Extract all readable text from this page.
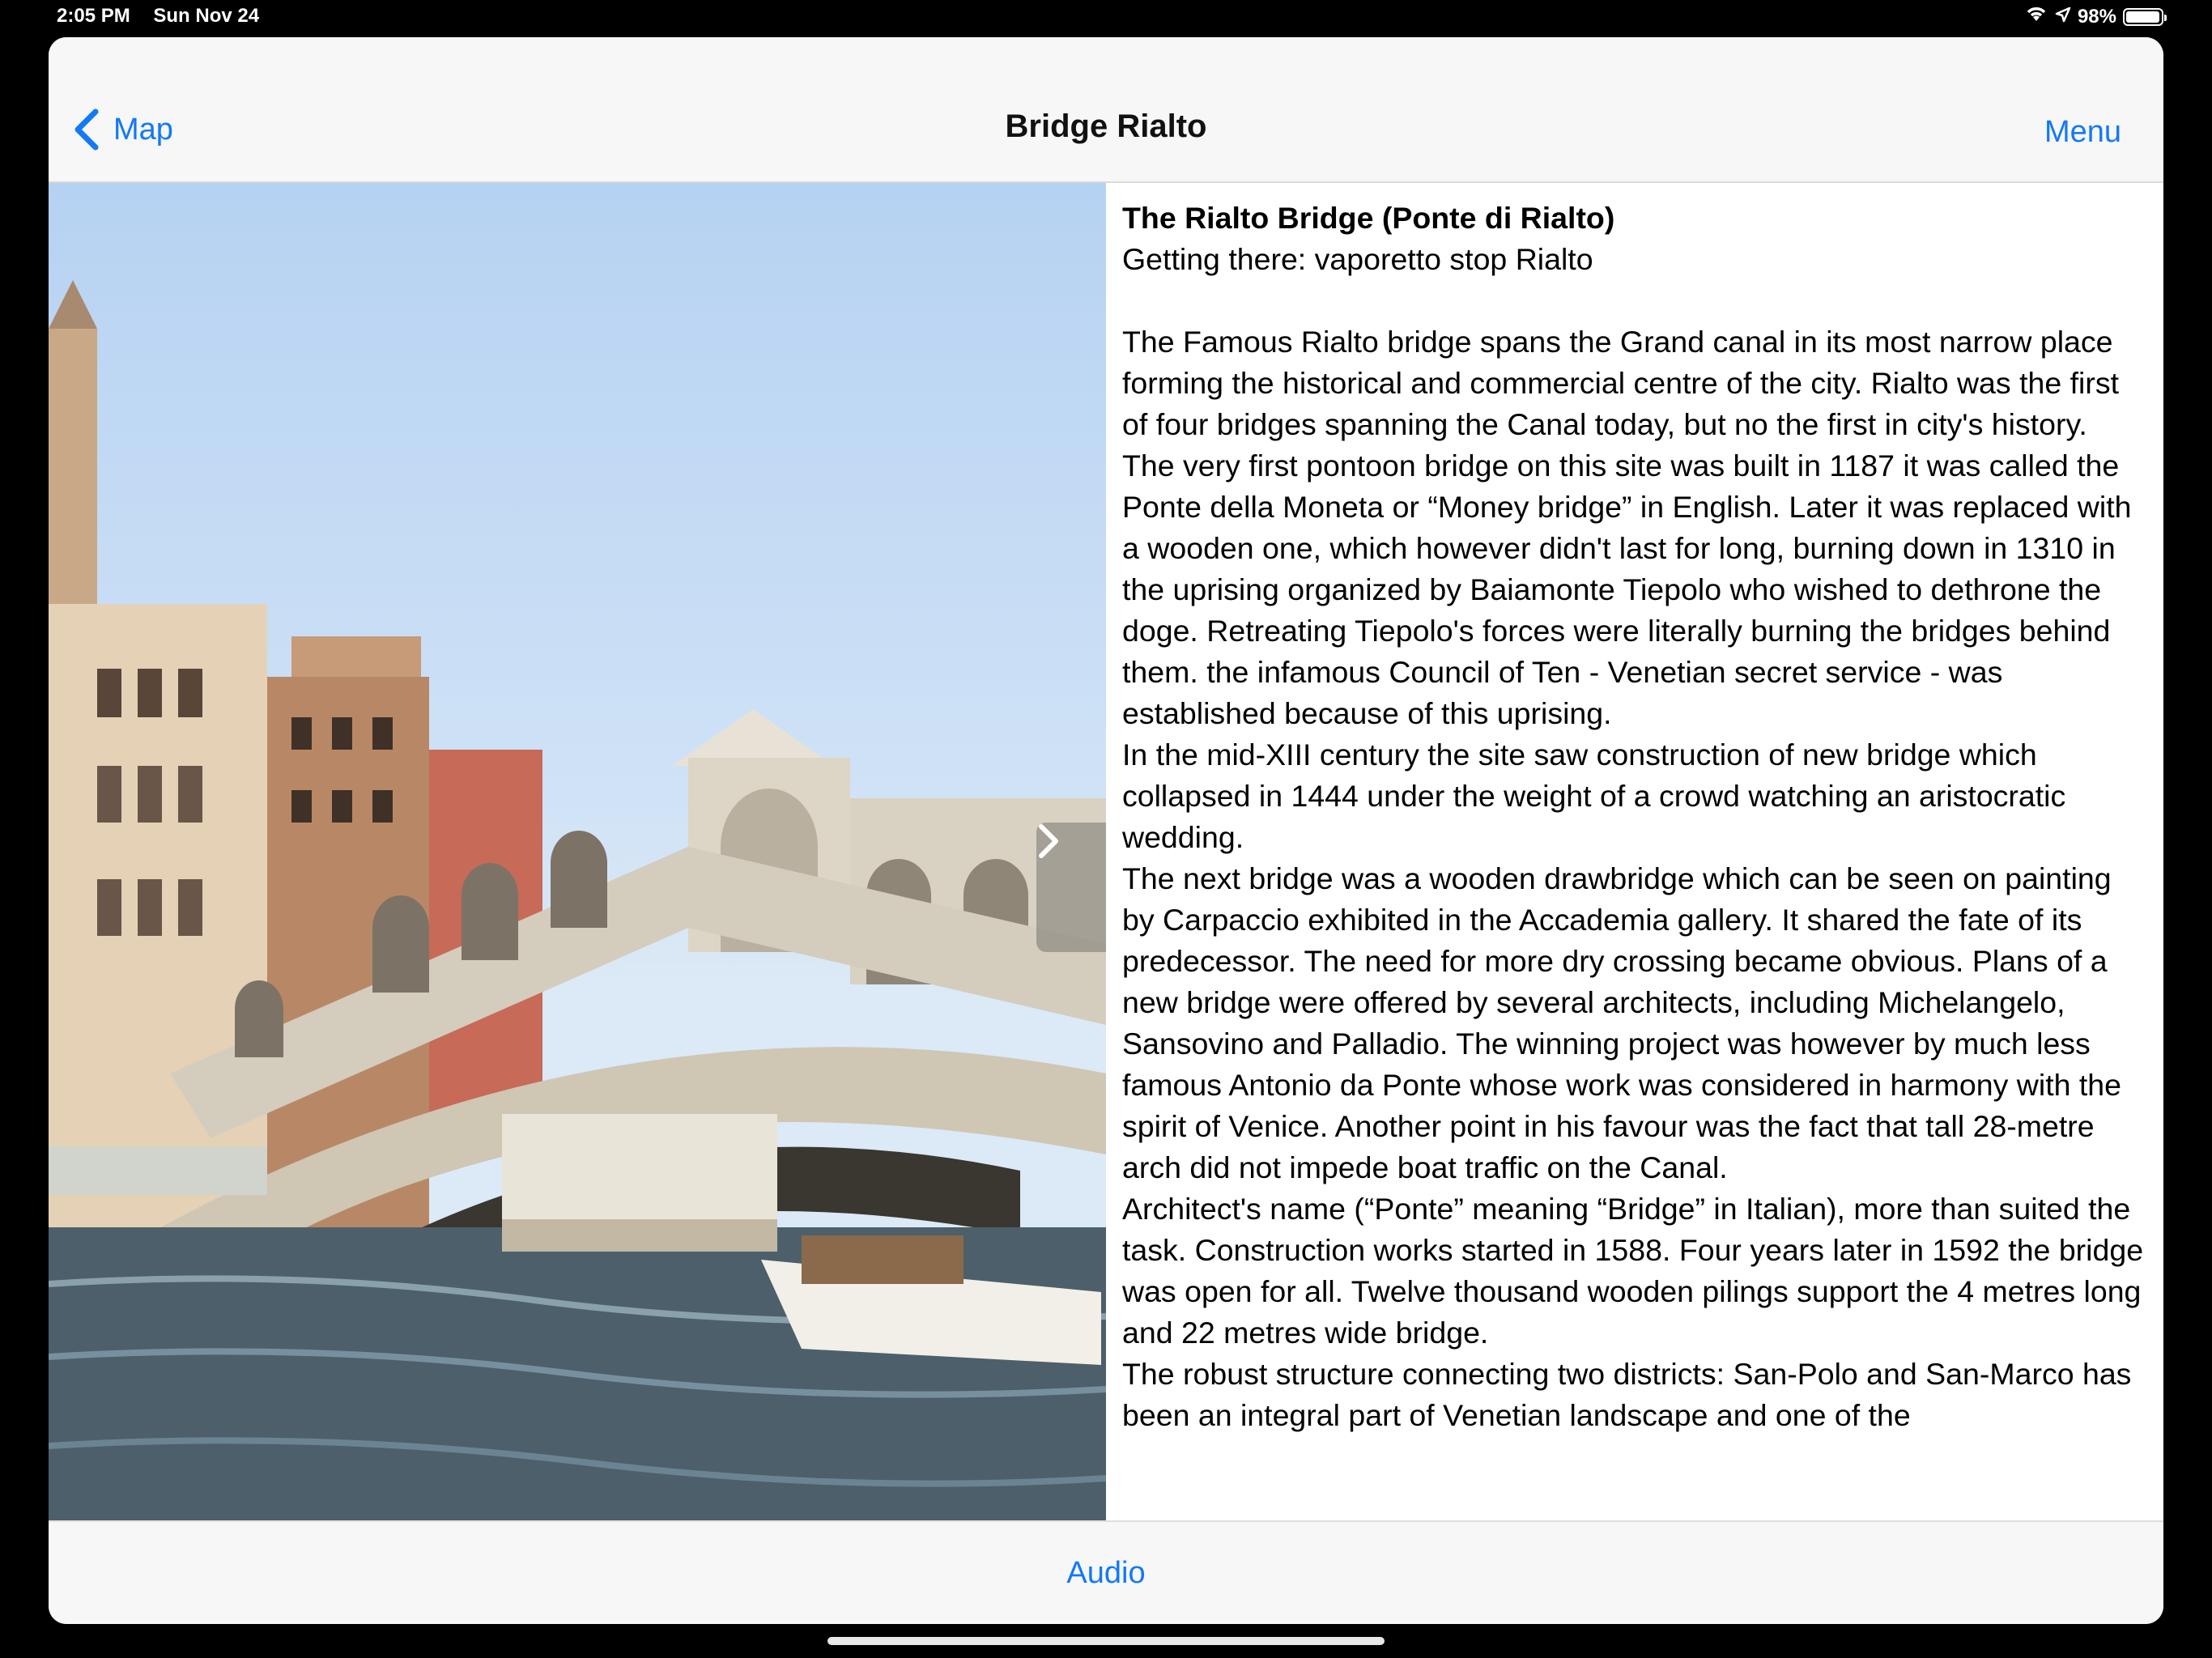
2:05 PM Sun Nov 24	98%
Map	Bridge Rialto	Menu

The Rialto Bridge (Ponte di Rialto)

Getting there: vaporetto stop Rialto

The Famous Rialto bridge spans the Grand canal in its most narrow place forming the historical and commercial centre of the city. Rialto was the first of four bridges spanning the Canal today, but no the first in city's history.

The very first pontoon bridge on this site was built in 1187 it was called the Ponte della Moneta or “Money bridge” in English. Later it was replaced with a wooden one, which however didn't last for long, burning down in 1310 in the uprising organized by Baiamonte Tiepolo who wished to dethrone the doge. Retreating Tiepolo's forces were literally burning the bridges behind them. the infamous Council of Ten - Venetian secret service - was established because of this uprising.

In the mid-XIII century the site saw construction of new bridge which collapsed in 1444 under the weight of a crowd watching an aristocratic wedding.

The next bridge was a wooden drawbridge which can be seen on painting by Carpaccio exhibited in the Accademia gallery. It shared the fate of its predecessor. The need for more dry crossing became obvious. Plans of a new bridge were offered by several architects, including Michelangelo, Sansovino and Palladio. The winning project was however by much less famous Antonio da Ponte whose work was considered in harmony with the spirit of Venice. Another point in his favour was the fact that tall 28-metre arch did not impede boat traffic on the Canal.

Architect's name (“Ponte” meaning “Bridge” in Italian), more than suited the task. Construction works started in 1588. Four years later in 1592 the bridge was open for all. Twelve thousand wooden pilings support the 4 metres long and 22 metres wide bridge.

The robust structure connecting two districts: San-Polo and San-Marco has been an integral part of Venetian landscape and one of the

Audio
